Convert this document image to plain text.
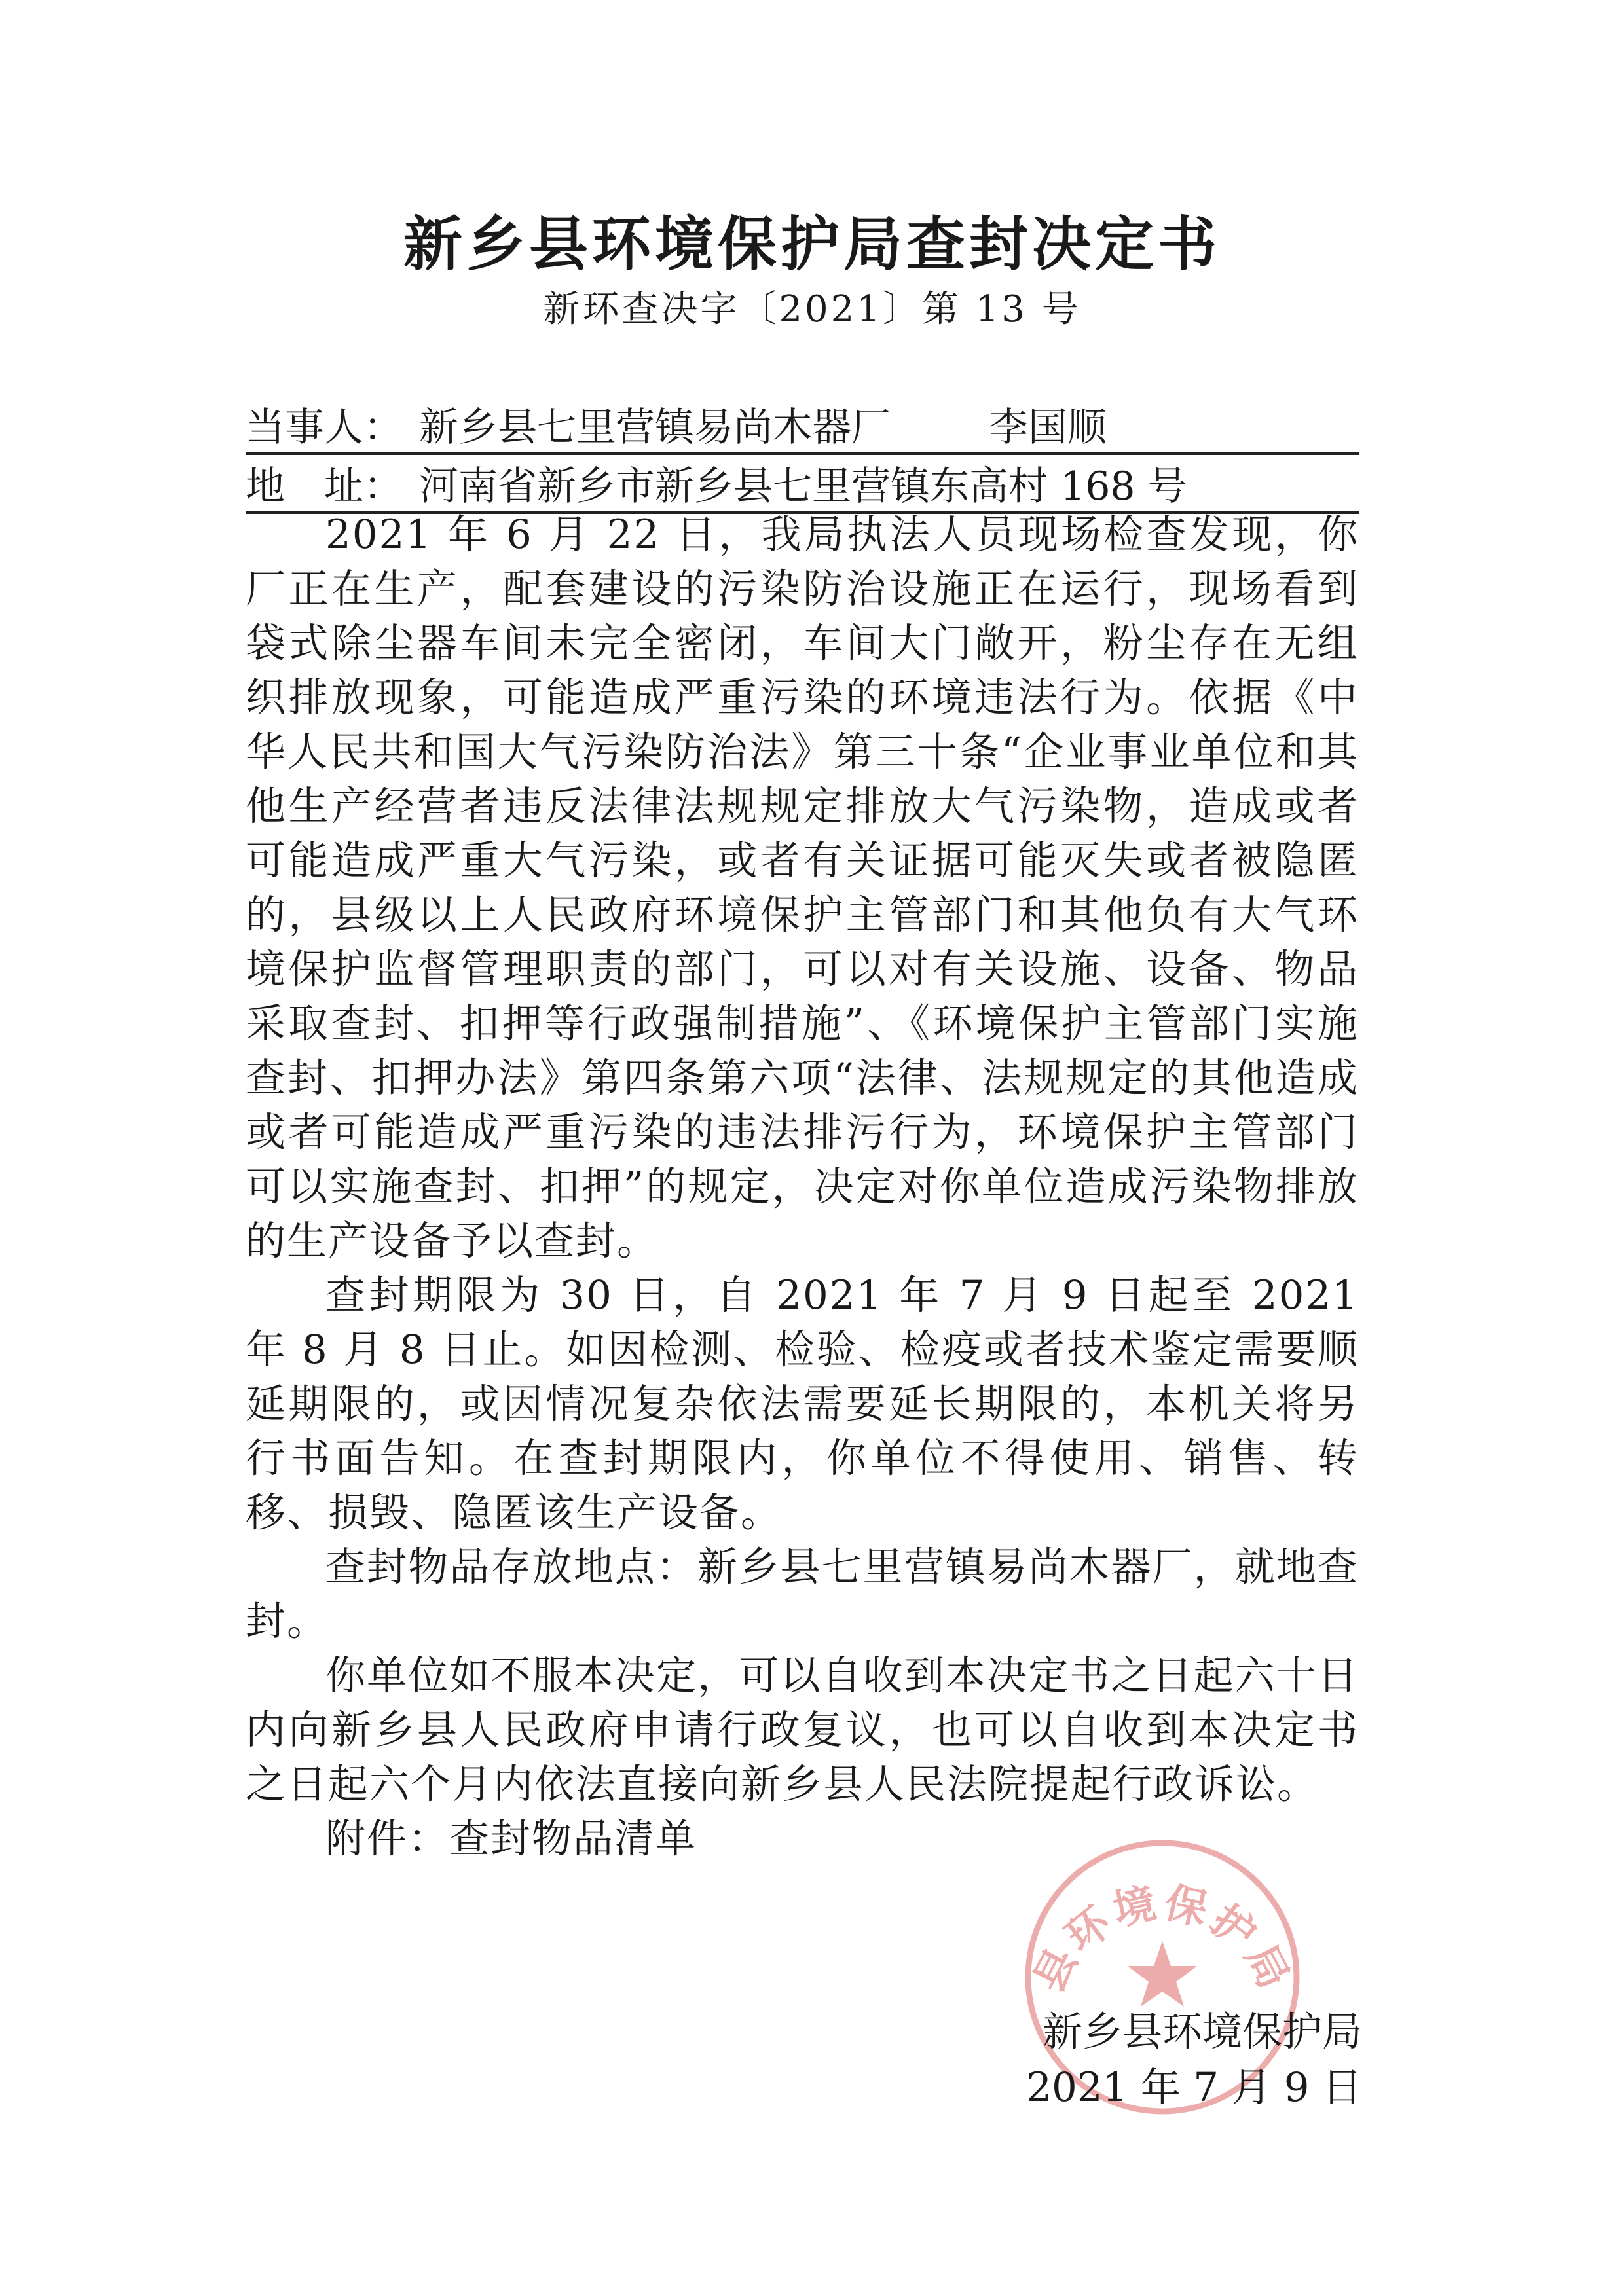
新乡县环境保护局查封决定书
新环查决字〔2021〕第 13 号
当事人： 新乡县七里营镇易尚木器厂	李国顺
地　址： 河南省新乡市新乡县七里营镇东高村 168 号

2021 年 6 月 22 日，我局执法人员现场检查发现，你厂正在生产，配套建设的污染防治设施正在运行，现场看到袋式除尘器车间未完全密闭，车间大门敞开，粉尘存在无组织排放现象，可能造成严重污染的环境违法行为。依据《中华人民共和国大气污染防治法》第三十条“企业事业单位和其他生产经营者违反法律法规规定排放大气污染物，造成或者可能造成严重大气污染，或者有关证据可能灭失或者被隐匿的，县级以上人民政府环境保护主管部门和其他负有大气环境保护监督管理职责的部门，可以对有关设施、设备、物品采取查封、扣押等行政强制措施”、《环境保护主管部门实施查封、扣押办法》第四条第六项“法律、法规规定的其他造成或者可能造成严重污染的违法排污行为，环境保护主管部门可以实施查封、扣押”的规定，决定对你单位造成污染物排放的生产设备予以查封。

查封期限为 30 日，自 2021 年 7 月 9 日起至 2021 年 8 月 8 日止。如因检测、检验、检疫或者技术鉴定需要顺延期限的，或因情况复杂依法需要延长期限的，本机关将另行书面告知。在查封期限内，你单位不得使用、销售、转移、损毁、隐匿该生产设备。

查封物品存放地点：新乡县七里营镇易尚木器厂，就地查封。

你单位如不服本决定，可以自收到本决定书之日起六十日内向新乡县人民政府申请行政复议，也可以自收到本决定书之日起六个月内依法直接向新乡县人民法院提起行政诉讼。

附件：查封物品清单

县环境保护局
新乡县环境保护局
2021 年 7 月 9 日
